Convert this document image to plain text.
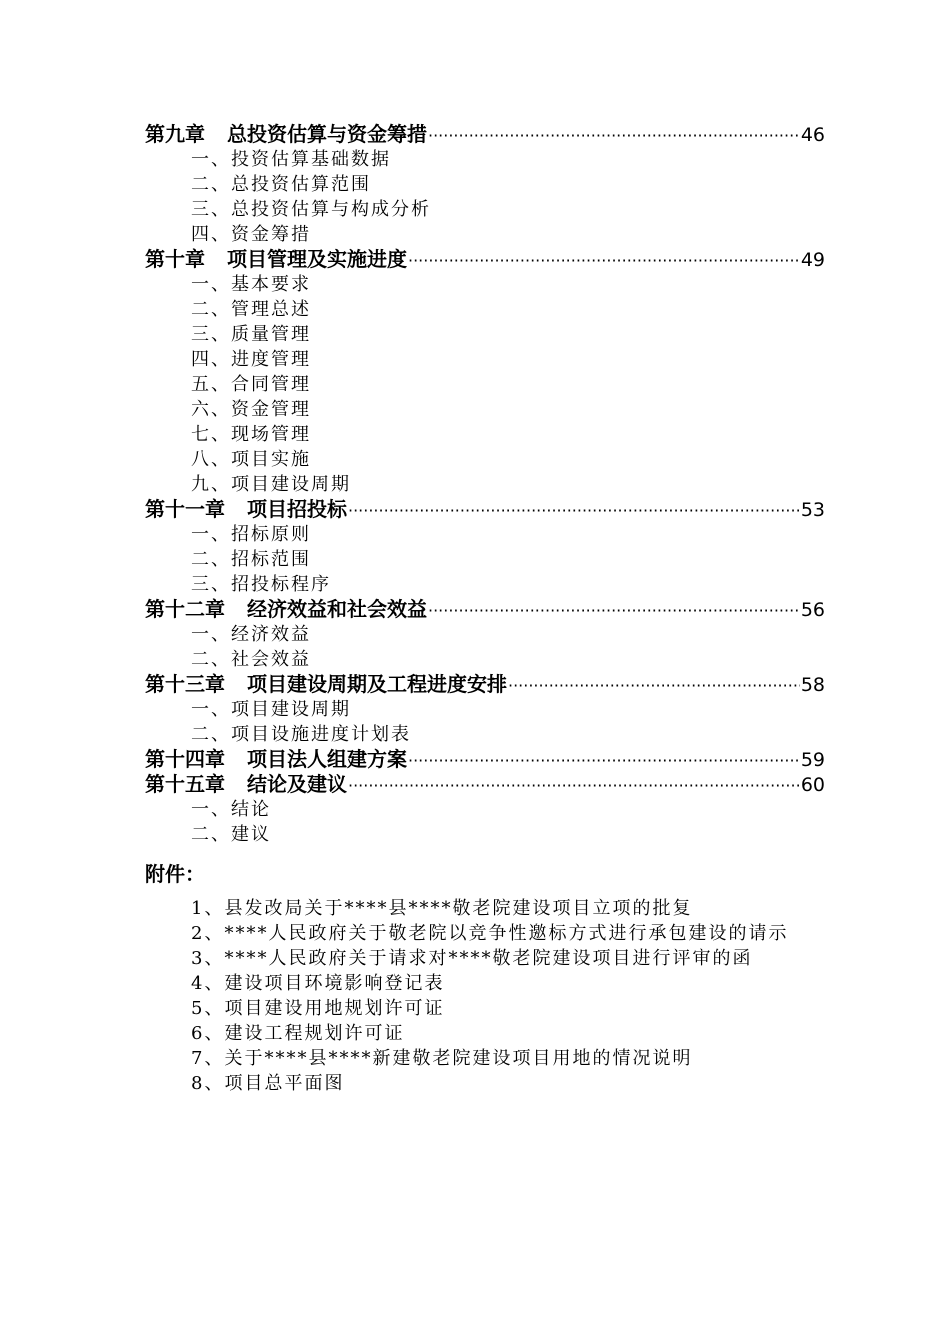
第九章 总投资估算与资金筹措 ·····	46
一、投资估算基础数据
二、总投资估算范围
三、总投资估算与构成分析
四、资金筹措
第十章 项目管理及实施进度 ·····	49
一、基本要求
二、管理总述
三、质量管理
四、进度管理
五、合同管理
六、资金管理
七、现场管理
八、项目实施
九、项目建设周期
第十一章 项目招投标 ·····	53
一、招标原则
二、招标范围
三、招投标程序
第十二章 经济效益和社会效益 ·····	56
一、经济效益
二、社会效益
第十三章 项目建设周期及工程进度安排 ·····	58
一、项目建设周期
二、项目设施进度计划表
第十四章 项目法人组建方案 ·····	59
第十五章 结论及建议 ·····	60
一、结论
二、建议
附件：
1、县发改局关于****县****敬老院建设项目立项的批复
2、****人民政府关于敬老院以竞争性邀标方式进行承包建设的请示
3、****人民政府关于请求对****敬老院建设项目进行评审的函
4、建设项目环境影响登记表
5、项目建设用地规划许可证
6、建设工程规划许可证
7、关于****县****新建敬老院建设项目用地的情况说明
8、项目总平面图
